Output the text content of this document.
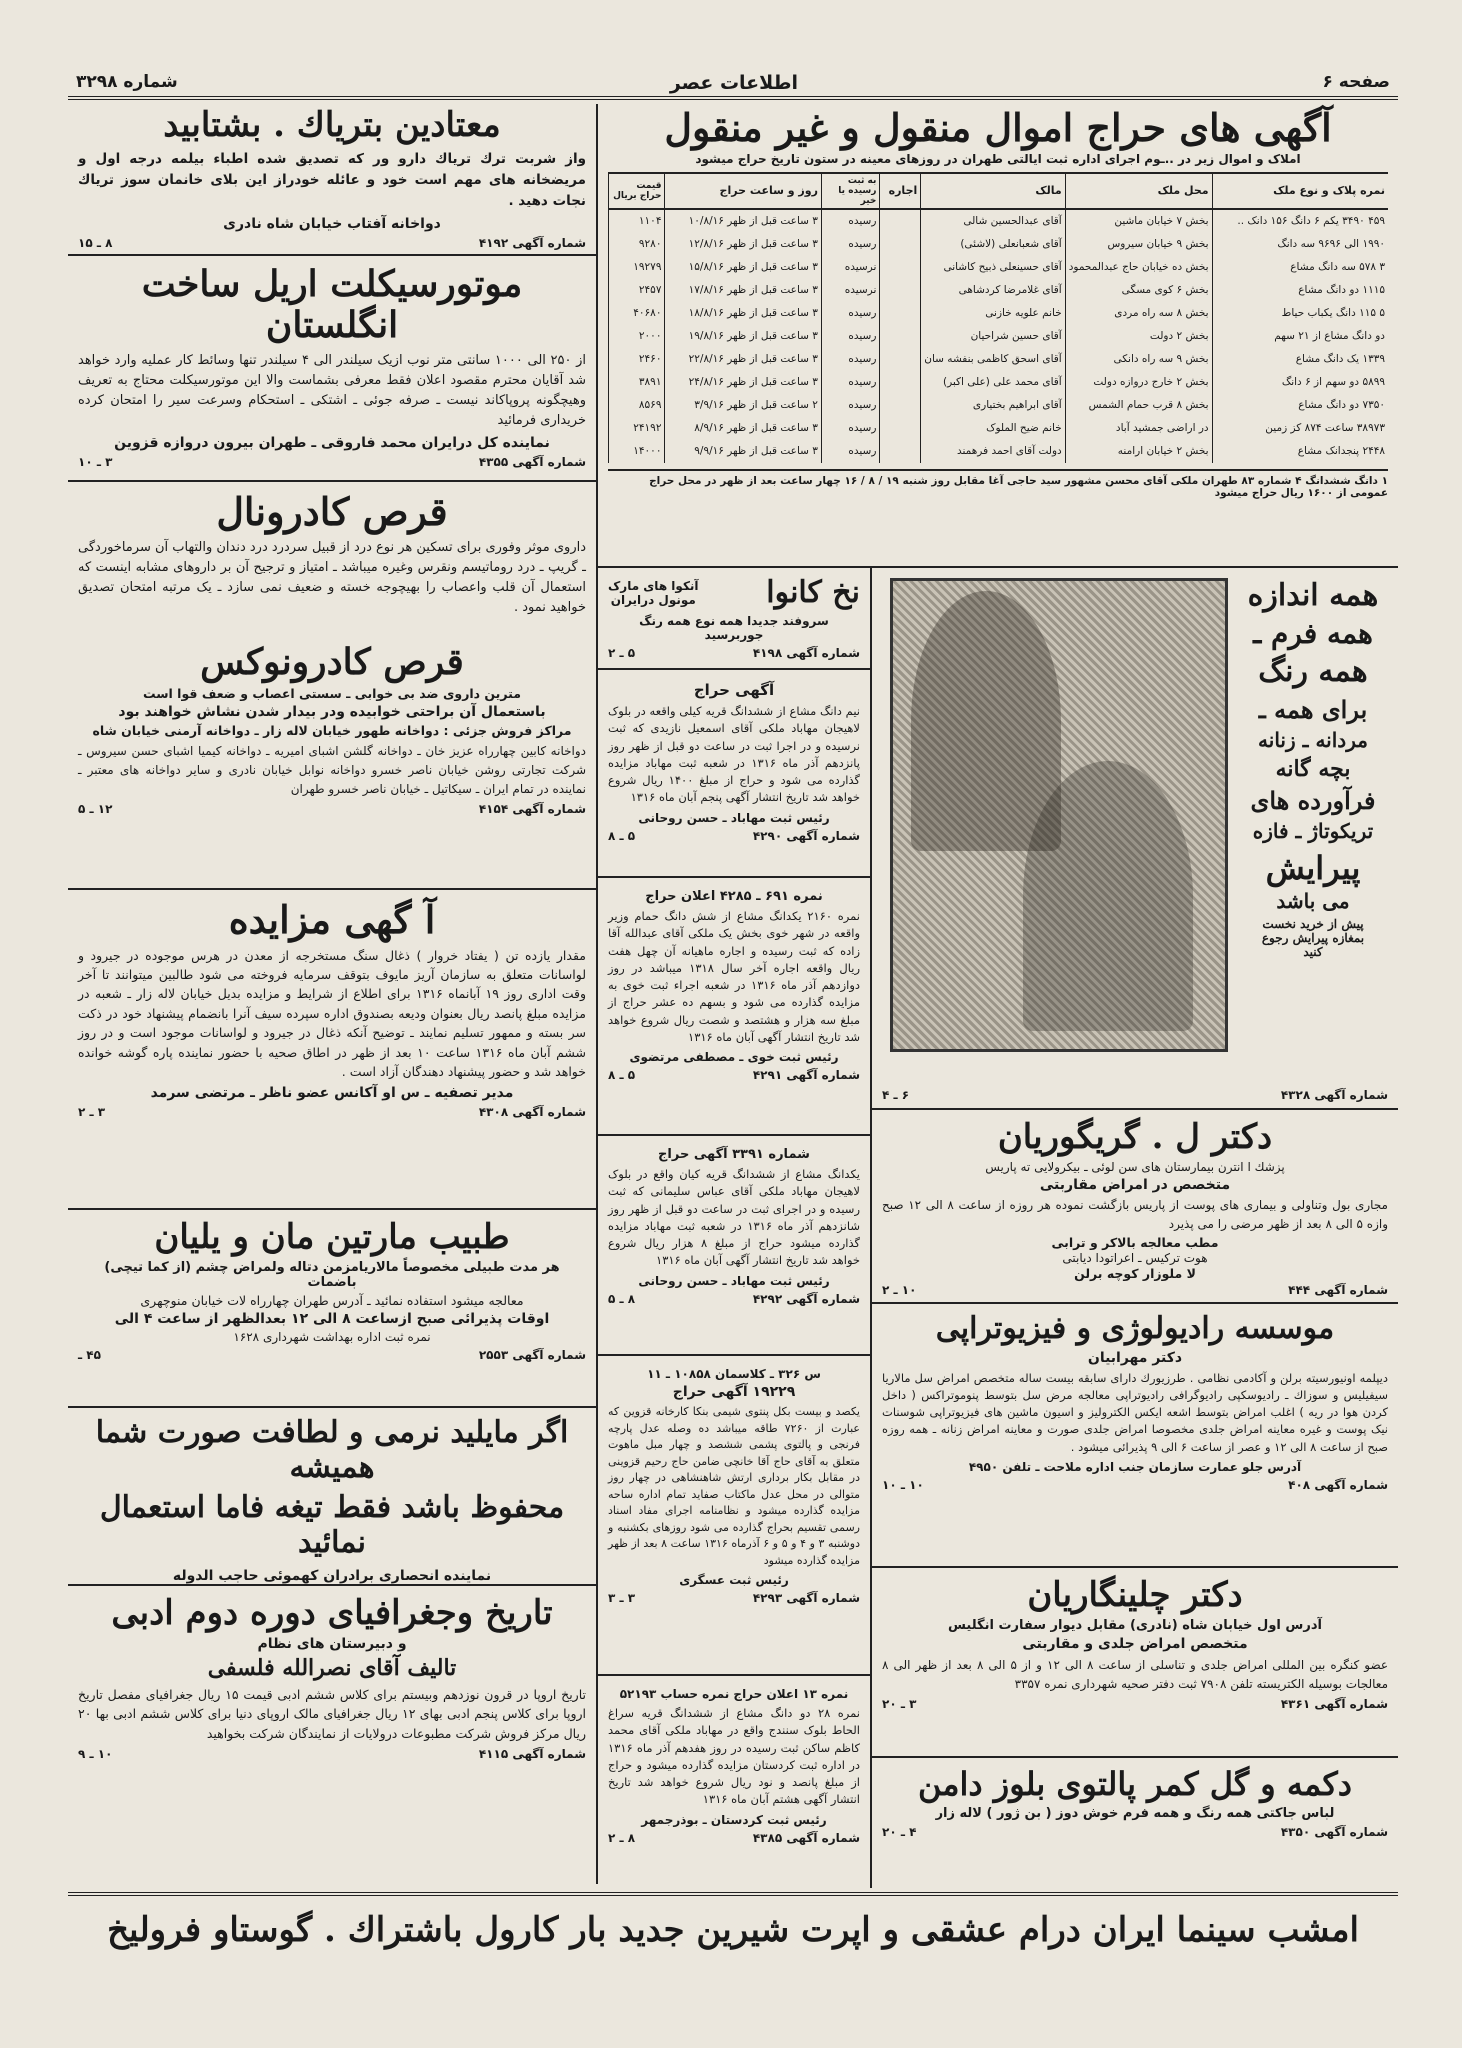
صفحه ۶
اطلاعات عصر
شماره ۳۲۹۸
آگهی های حراج اموال منقول و غیر منقول
املاک و اموال زیر در ..ـوم اجرای اداره ثبت ایالتی طهران در روزهای معینه در ستون تاریخ حراج میشود
نمره پلاک و نوع ملک	محل ملک	مالک	اجاره	به ثبت رسیده یا خیر	روز و ساعت حراج	قیمت حراج بریال
۴۵۹ ۳۴۹۰ یکم ۶ دانگ ۱۵۶ دانک ..	بخش ۷ خیابان ماشین	آقای عبدالحسین شالی		رسیده	۳ ساعت قبل از ظهر ۱۰/۸/۱۶	۱۱۰۴
۱۹۹۰ الی ۹۶۹۶ سه دانگ	بخش ۹ خیابان سیروس	آقای شعبانعلی (لاشئی)		رسیده	۳ ساعت قبل از ظهر ۱۲/۸/۱۶	۹۲۸۰
۳ ۵۷۸ سه دانگ مشاع	بخش ده خیابان حاج عبدالمحمود	آقای حسینعلی ذبیح کاشانی		نرسیده	۳ ساعت قبل از ظهر ۱۵/۸/۱۶	۱۹۲۷۹
۱۱۱۵ دو دانگ مشاع	بخش ۶ کوی مسگی	آقای غلامرضا کردشاهی		نرسیده	۳ ساعت قبل از ظهر ۱۷/۸/۱۶	۲۴۵۷
۵ ۱۱۵ دانگ یکباب حیاط	بخش ۸ سه راه مردی	خانم علویه خازنی		رسیده	۳ ساعت قبل از ظهر ۱۸/۸/۱۶	۴۰۶۸۰
دو دانگ مشاع از ۲۱ سهم	بخش ۲ دولت	آقای حسین شراحیان		رسیده	۳ ساعت قبل از ظهر ۱۹/۸/۱۶	۲۰۰۰
۱۳۳۹ یک دانگ مشاع	بخش ۹ سه راه دانکی	آقای اسحق کاظمی بنفشه سان		رسیده	۳ ساعت قبل از ظهر ۲۲/۸/۱۶	۲۴۶۰
۵۸۹۹ دو سهم از ۶ دانگ	بخش ۲ خارج دروازه دولت	آقای محمد علی (علی اکبر)		رسیده	۳ ساعت قبل از ظهر ۲۴/۸/۱۶	۳۸۹۱
۷۳۵۰ دو دانگ مشاع	بخش ۸ قرب حمام الشمس	آقای ابراهیم بختیاری		رسیده	۲ ساعت قبل از ظهر ۳/۹/۱۶	۸۵۶۹
۳۸۹۷۳ ساعت ۸۷۴ کز زمین	در اراضی جمشید آباد	خانم ضیح الملوک		رسیده	۳ ساعت قبل از ظهر ۸/۹/۱۶	۲۴۱۹۲
۲۴۴۸ پنجدانک مشاع	بخش ۲ خیابان ارامنه	دولت آقای احمد فرهمند		رسیده	۳ ساعت قبل از ظهر ۹/۹/۱۶	۱۴۰۰۰
۱ دانگ ششدانگ ۴ شماره ۸۳ طهران ملکی آقای محسن مشهور سید حاجی آغا مقابل روز شنبه ۱۹ / ۸ / ۱۶ چهار ساعت بعد از ظهر در محل حراج عمومی از ۱۶۰۰ ریال حراج میشود
معتادین بتریاك . بشتابید

واز شربت ترك تریاك دارو ور که تصدیق شده اطباء بیلمه درجه اول و مریضخانه های مهم است خود و عائله خودراز این بلای خانمان سوز ترياك نجات دهید .

دواخانه آفتاب خیابان شاه نادری
شماره آگهی ۴۱۹۲
۸ ـ ۱۵
موتورسیکلت اریل ساخت انگلستان

از ۲۵۰ الی ۱۰۰۰ سانتی متر نوب ازیک سیلندر الی ۴ سیلندر تنها وسائط کار عملیه وارد خواهد شد آقایان محترم مقصود اعلان فقط معرفی بشماست والا این موتورسیکلت محتاج به تعریف وهیچگونه پروپاکاند نیست ـ صرفه جوئی ـ اشتکی ـ استحکام وسرعت سیر را امتحان کرده خریداری فرمائید

نماینده کل درایران محمد فاروقی ـ طهران بیرون دروازه قزوین
شماره آگهی ۴۳۵۵
۳ ـ ۱۰
قرص کادرونال

داروی موثر وفوری برای تسکین هر نوع درد از قبیل سردرد درد دندان والتهاب آن سرماخوردگی ـ گریپ ـ درد روماتیسم ونقرس وغیره میباشد ـ امتیاز و ترجیح آن بر داروهای مشابه اینست که استعمال آن قلب واعصاب را بهیچوجه خسته و ضعیف نمی سازد ـ یک مرتبه امتحان تصدیق خواهید نمود .

قرص كادرونوكس
مترین داروی ضد بی خوابی ـ سستی اعصاب و ضعف قوا است
باستعمال آن براحتی خوابیده ودر بیدار شدن نشاش خواهند بود
مراکز فروش جزئی : دواخانه طهور خیابان لاله زار ـ دواخانه آرمنی خیابان شاه

دواخانه کابین چهارراه عزیز خان ـ دواخانه گلشن اشبای امیریه ـ دواخانه کیمیا اشبای حسن سیروس ـ شرکت تجارتی روشن خیابان ناصر خسرو دواخانه نوابل خیابان نادری و سایر دواخانه های معتبر ـ نماینده در تمام ایران ـ سیکاتیل ـ خیابان ناصر خسرو طهران

شماره آگهی ۴۱۵۴
۱۲ ـ ۵
آ گهی مزایده

مقدار یازده تن ( یفتاد خروار ) ذغال سنگ مستخرجه از معدن در هرس موجوده در جیرود و لواسانات متعلق به سازمان آریز مایوف بتوقف سرمایه فروخته می شود طالبین میتوانند تا آخر وقت اداری روز ۱۹ آبانماه ۱۳۱۶ برای اطلاع از شرایط و مزایده بدیل خیابان لاله زار ـ شعبه در مزایده مبلغ پانصد ریال بعنوان ودیعه بصندوق اداره سپرده سیف آنرا بانضمام پیشنهاد خود در ذکت سر بسته و ممهور تسلیم نمایند ـ توضیح آنکه ذغال در جیرود و لواسانات موجود است و در روز ششم آبان ماه ۱۳۱۶ ساعت ۱۰ بعد از ظهر در اطاق صحیه با حضور نماینده پاره گوشه خوانده خواهد شد و حضور پیشنهاد دهندگان آزاد است .

مدیر تصفیه ـ س او آکانس عضو ناظر ـ مرتضی سرمد
شماره آگهی ۴۳۰۸
۳ ـ ۲
طبیب مارتین مان و یلیان
هر مدت طبیلی مخصوصاً مالاریامزمن دتاله ولمراض چشم (از کما تیچی) باضمات
معالجه میشود استفاده نمائید ـ آدرس طهران چهارراه لات خیابان منوچهری
اوقات پذیرائی صبح ازساعت ۸ الی ۱۲ بعدالظهر از ساعت ۴ الی
نمره ثبت اداره بهداشت شهرداری ۱۶۲۸
شماره آگهی ۲۵۵۳
۴۵ ـ
اگر مایلید نرمی و لطافت صورت شما همیشه
محفوظ باشد فقط تیغه فاما استعمال نمائید
نماینده انحصاری برادران کهموئی حاجب الدوله
تاریخ وجغرافیای دوره دوم ادبی
و دبیرستان های نظام
تالیف آقای نصرالله فلسفی

تاریخ اروپا در قرون نوزدهم وبیستم برای کلاس ششم ادبی قیمت ۱۵ ریال جغرافیای مفصل تاریخ اروپا برای کلاس پنجم ادبی بهای ۱۲ ریال جغرافیای مالک اروپای دنیا برای کلاس ششم ادبی بها ۲۰ ریال مرکز فروش شرکت مطبوعات درولایات از نمایندگان شرکت بخواهید

شماره آگهی ۴۱۱۵
۱۰ ـ ۹
نخ کانوا
آنکوا های مارک
مونول درایران
سروفند جدیدا همه نوع همه رنگ جوربرسید
شماره آگهی ۴۱۹۸
۵ ـ ۲
آگهی حراج

نیم دانگ مشاع از ششدانگ قریه کیلی واقعه در بلوک لاهیجان مهاباد ملکی آقای اسمعیل نازیدی که ثبت نرسیده و در اجرا ثبت در ساعت دو قبل از ظهر روز پانزدهم آذر ماه ۱۳۱۶ در شعبه ثبت مهاباد مزایده گذارده می شود و حراج از مبلغ ۱۴۰۰ ریال شروع خواهد شد تاریخ انتشار آگهی پنجم آبان ماه ۱۳۱۶

رئیس ثبت مهاباد ـ حسن روحانی
شماره آگهی ۴۲۹۰
۵ ـ ۸
نمره ۶۹۱ ـ ۴۲۸۵ اعلان حراج

نمره ۲۱۶۰ یکدانگ مشاع از شش دانگ حمام وزیر واقعه در شهر خوی بخش یک ملکی آقای عبدالله آقا زاده که ثبت رسیده و اجاره ماهیانه آن چهل هفت ریال واقعه اجاره آخر سال ۱۳۱۸ میباشد در روز دوازدهم آذر ماه ۱۳۱۶ در شعبه اجراء ثبت خوی به مزایده گذارده می شود و بسهم ده عشر حراج از مبلغ سه هزار و هشتصد و شصت ریال شروع خواهد شد تاریخ انتشار آگهی آبان ماه ۱۳۱۶

رئیس ثبت خوی ـ مصطفی مرتضوی
شماره آگهی ۴۲۹۱
۵ ـ ۸
شماره ۳۳۹۱ آگهی حراج

یکدانگ مشاع از ششدانگ قریه کیان واقع در بلوک لاهیجان مهاباد ملکی آقای عباس سلیمانی که ثبت رسیده و در اجرای ثبت در ساعت دو قبل از ظهر روز شانزدهم آذر ماه ۱۳۱۶ در شعبه ثبت مهاباد مزایده گذارده میشود حراج از مبلغ ۸ هزار ریال شروع خواهد شد تاریخ انتشار آگهی آبان ماه ۱۳۱۶

رئیس ثبت مهاباد ـ حسن روحانی
شماره آگهی ۴۲۹۲
۸ ـ ۵
س ۳۲۶ ـ کلاسمان ۱۰۸۵۸ ـ ۱۱
۱۹۲۲۹ آگهی حراج

یکصد و بیست بکل پنتوی شیمی بنکا کارخانه قزوین که عبارت از ۷۲۶۰ طاقه میباشد ده وصله عدل پارچه فرنجی و پالتوی پشمی ششصد و چهار مبل ماهوت متعلق به آقای حاج آقا خانچی ضامن حاج رحیم قزوینی در مقابل بکار برداری ارتش شاهنشاهی در چهار روز متوالی در محل عدل ماکتاب صفاید تمام اداره ساحه مزایده گذارده میشود و نظامنامه اجرای مفاد اسناد رسمی تقسیم بحراج گذارده می شود روزهای بکشنبه و دوشنبه ۳ و ۴ و ۵ و ۶ آذرماه ۱۳۱۶ ساعت ۸ بعد از ظهر مزایده گذارده میشود

رئیس ثبت عسگری
شماره آگهی ۴۲۹۳
۳ ـ ۳
نمره ۱۳ اعلان حراج نمره حساب ۵۲۱۹۳

نمره ۲۸ دو دانگ مشاع از ششدانگ قریه سراغ الحاط بلوک سنندج واقع در مهاباد ملکی آقای محمد کاظم ساکن ثبت رسیده در روز هفدهم آذر ماه ۱۳۱۶ در اداره ثبت کردستان مزایده گذارده میشود و حراج از مبلغ پانصد و نود ریال شروع خواهد شد تاریخ انتشار آگهی هشتم آبان ماه ۱۳۱۶

رئیس ثبت کردستان ـ بوذرجمهر
شماره آگهی ۴۳۸۵
۸ ـ ۲
همه اندازه
همه فرم ـ
همه رنگ
برای همه ـ
مردانه ـ زنانه
بچه گانه
فرآورده های
تریکوتاژ ـ فازه
پیرایش
می باشد
پیش از خرید نخست
بمغازه پیرایش رجوع
کنید
شماره آگهی ۴۳۲۸
۶ ـ ۴
دکتر ل . گریگوریان
پزشك ا انترن بیمارستان های سن لوئی ـ بیکرولایی ته پاریس
متخصص در امراض مقاربتی

مجاری بول وتناولی و بیماری های پوست از پاریس بازگشت نموده هر روزه از ساعت ۸ الی ۱۲ صبح وازه ۵ الی ۸ بعد از ظهر مرضی را می پذیرد

مطب معالجه بالاکر و ترابی
هوت ترکیس ـ اعراتودا دیابتی
لا ملوزار کوچه برلن
شماره آگهی ۴۴۴
۱۰ ـ ۲
موسسه رادیولوژی و فیزیوتراپی
دکتر مهرابیان

دیپلمه اونیورسیته برلن و آکادمی نظامی . طرزیورك دارای سابقه بیست ساله متخصص امراض سل مالاریا سیفیلیس و سوزاك ـ رادیوسکپی رادیوگرافی رادیوتراپی معالجه مرض سل بتوسط پنوموتراکس ( داخل کردن هوا در ریه ) اغلب امراض بتوسط اشعه ایکس الکترولیز و اسیون ماشین های فیزیوتراپی شوسنات نیک پوست و غیره معاینه امراض جلدی مخصوصا امراض جلدی صورت و معاینه امراض زنانه ـ همه روزه صبح از ساعت ۸ الی ۱۲ و عصر از ساعت ۶ الی ۹ پذیرائی میشود .

آدرس جلو عمارت سازمان جنب اداره ملاحت ـ تلفن ۴۹۵۰
شماره آگهی ۴۰۸
۱۰ ـ ۱۰
دکتر چلینگاریان
آدرس اول خیابان شاه (نادری) مقابل دیوار سفارت انگلیس
متخصص امراض جلدی و مقاربتی

عضو کنگره بین المللی امراض جلدی و تناسلی از ساعت ۸ الی ۱۲ و از ۵ الی ۸ بعد از ظهر الی ۸ معالجات بوسیله الکتریسته تلفن ۷۹۰۸ ثبت دفتر صحیه شهرداری نمره ۳۳۵۷

شماره آگهی ۴۳۶۱
۳ ـ ۲۰
دکمه و گل کمر پالتوی بلوز دامن
لباس جاکتی همه رنگ و همه فرم خوش دوز ( بن ژور ) لاله زار
شماره آگهی ۴۳۵۰
۴ ـ ۲۰
امشب سینما ایران درام عشقی و اپرت شیرین جدید بار کارول باشتراك . گوستاو فرولیخ
